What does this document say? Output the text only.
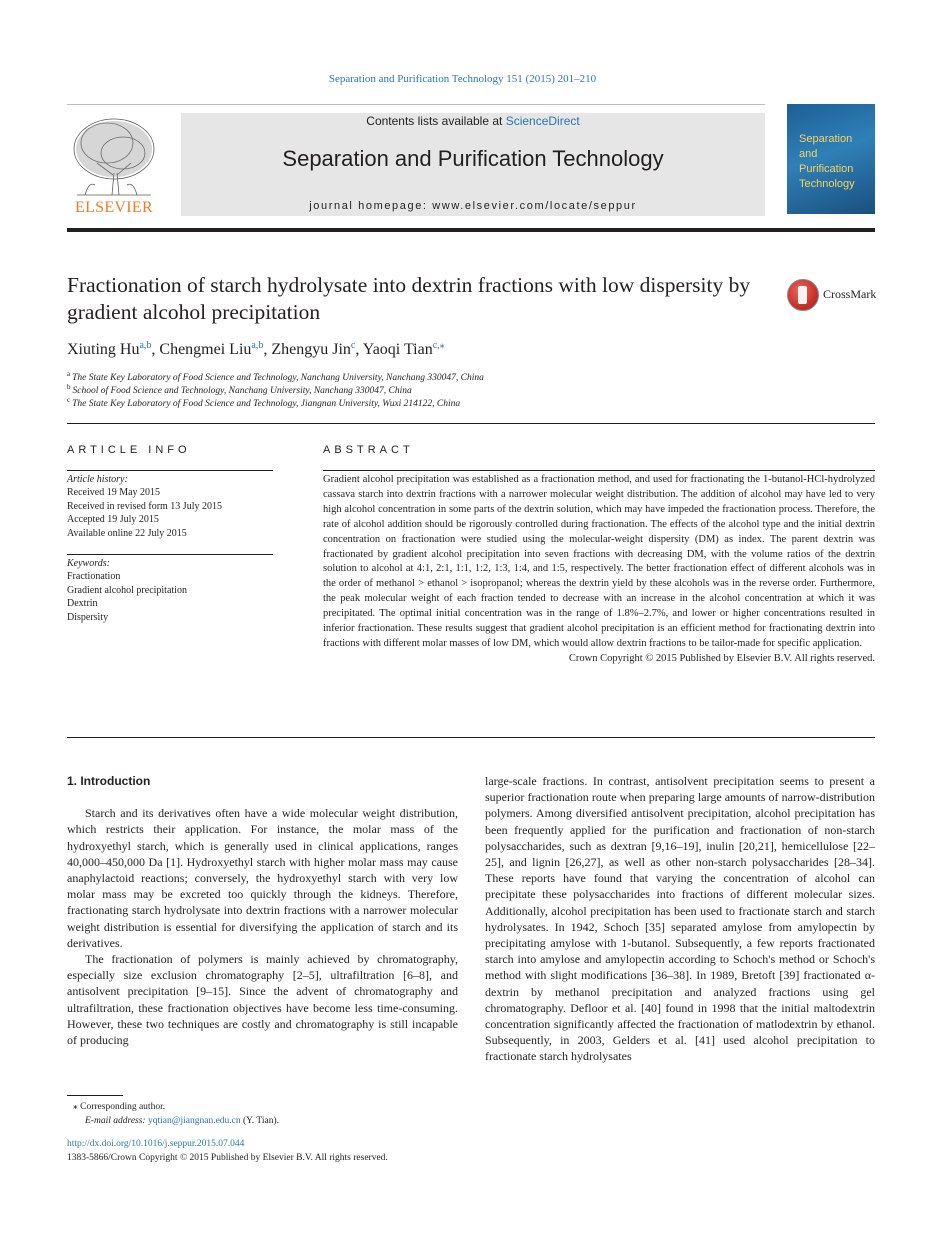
Separation and Purification Technology 151 (2015) 201–210
ELSEVIER
Contents lists available at ScienceDirect
Separation and Purification Technology
journal homepage: www.elsevier.com/locate/seppur
Separation and Purification Technology
Fractionation of starch hydrolysate into dextrin fractions with low dispersity by gradient alcohol precipitation
CrossMark
Xiuting Hu$^{a,b}$, Chengmei Liu$^{a,b}$, Zhengyu Jin$^c$, Yaoqi Tian$^{c,⁎}$
$^a$ The State Key Laboratory of Food Science and Technology, Nanchang University, Nanchang 330047, China
$^b$ School of Food Science and Technology, Nanchang University, Nanchang 330047, China
$^c$ The State Key Laboratory of Food Science and Technology, Jiangnan University, Wuxi 214122, China
ARTICLE INFO
Article history:
Received 19 May 2015
Received in revised form 13 July 2015
Accepted 19 July 2015
Available online 22 July 2015
Keywords:
Fractionation
Gradient alcohol precipitation
Dextrin
Dispersity
ABSTRACT
Gradient alcohol precipitation was established as a fractionation method, and used for fractionating the 1-butanol-HCl-hydrolyzed cassava starch into dextrin fractions with a narrower molecular weight distribution. The addition of alcohol may have led to very high alcohol concentration in some parts of the dextrin solution, which may have impeded the fractionation process. Therefore, the rate of alcohol addition should be rigorously controlled during fractionation. The effects of the alcohol type and the initial dextrin concentration on fractionation were studied using the molecular-weight dispersity (DM) as index. The parent dextrin was fractionated by gradient alcohol precipitation into seven fractions with decreasing DM, with the volume ratios of the dextrin solution to alcohol at 4:1, 2:1, 1:1, 1:2, 1:3, 1:4, and 1:5, respectively. The better fractionation effect of different alcohols was in the order of methanol > ethanol > isopropanol; whereas the dextrin yield by these alcohols was in the reverse order. Furthermore, the peak molecular weight of each fraction tended to decrease with an increase in the alcohol concentration at which it was precipitated. The optimal initial concentration was in the range of 1.8%–2.7%, and lower or higher concentrations resulted in inferior fractionation. These results suggest that gradient alcohol precipitation is an efficient method for fractionating dextrin into fractions with different molar masses of low DM, which would allow dextrin fractions to be tailor-made for specific application.
Crown Copyright © 2015 Published by Elsevier B.V. All rights reserved.
1. Introduction

Starch and its derivatives often have a wide molecular weight distribution, which restricts their application. For instance, the molar mass of the hydroxyethyl starch, which is generally used in clinical applications, ranges 40,000–450,000 Da [1]. Hydroxyethyl starch with higher molar mass may cause anaphylactoid reactions; conversely, the hydroxyethyl starch with very low molar mass may be excreted too quickly through the kidneys. Therefore, fractionating starch hydrolysate into dextrin fractions with a narrower molecular weight distribution is essential for diversifying the application of starch and its derivatives.

The fractionation of polymers is mainly achieved by chromatography, especially size exclusion chromatography [2–5], ultrafiltration [6–8], and antisolvent precipitation [9–15]. Since the advent of chromatography and ultrafiltration, these fractionation objectives have become less time-consuming. However, these two techniques are costly and chromatography is still incapable of producing

large-scale fractions. In contrast, antisolvent precipitation seems to present a superior fractionation route when preparing large amounts of narrow-distribution polymers. Among diversified antisolvent precipitation, alcohol precipitation has been frequently applied for the purification and fractionation of non-starch polysaccharides, such as dextran [9,16–19], inulin [20,21], hemicellulose [22–25], and lignin [26,27], as well as other non-starch polysaccharides [28–34]. These reports have found that varying the concentration of alcohol can precipitate these polysaccharides into fractions of different molecular sizes. Additionally, alcohol precipitation has been used to fractionate starch and starch hydrolysates. In 1942, Schoch [35] separated amylose from amylopectin by precipitating amylose with 1-butanol. Subsequently, a few reports fractionated starch into amylose and amylopectin according to Schoch's method or Schoch's method with slight modifications [36–38]. In 1989, Bretoft [39] fractionated α-dextrin by methanol precipitation and analyzed fractions using gel chromatography. Defloor et al. [40] found in 1998 that the initial maltodextrin concentration significantly affected the fractionation of matlodextrin by ethanol. Subsequently, in 2003, Gelders et al. [41] used alcohol precipitation to fractionate starch hydrolysates

⁎ Corresponding author.
E-mail address: yqtian@jiangnan.edu.cn (Y. Tian).
http://dx.doi.org/10.1016/j.seppur.2015.07.044
1383-5866/Crown Copyright © 2015 Published by Elsevier B.V. All rights reserved.
